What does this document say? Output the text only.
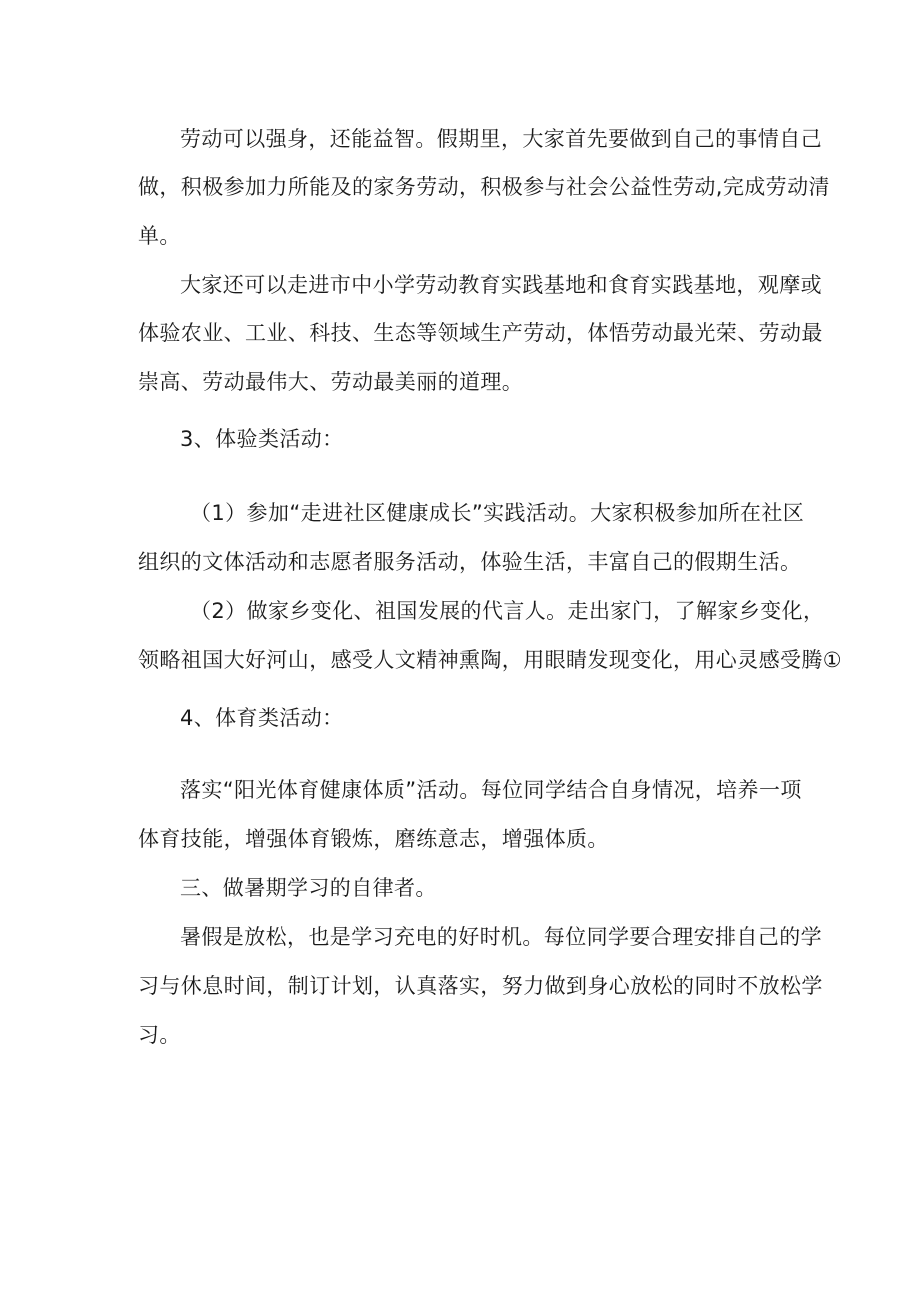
劳动可以强身，还能益智。假期里，大家首先要做到自己的事情自己

做，积极参加力所能及的家务劳动，积极参与社会公益性劳动,完成劳动清

单。

大家还可以走进市中小学劳动教育实践基地和食育实践基地，观摩或

体验农业、工业、科技、生态等领域生产劳动，体悟劳动最光荣、劳动最

崇高、劳动最伟大、劳动最美丽的道理。

3、体验类活动：

（1）参加“走进社区健康成长”实践活动。大家积极参加所在社区

组织的文体活动和志愿者服务活动，体验生活，丰富自己的假期生活。

（2）做家乡变化、祖国发展的代言人。走出家门，了解家乡变化，

领略祖国大好河山，感受人文精神熏陶，用眼睛发现变化，用心灵感受腾①

4、体育类活动：

落实“阳光体育健康体质”活动。每位同学结合自身情况，培养一项

体育技能，增强体育锻炼，磨练意志，增强体质。

三、做暑期学习的自律者。

暑假是放松，也是学习充电的好时机。每位同学要合理安排自己的学

习与休息时间，制订计划，认真落实，努力做到身心放松的同时不放松学

习。
